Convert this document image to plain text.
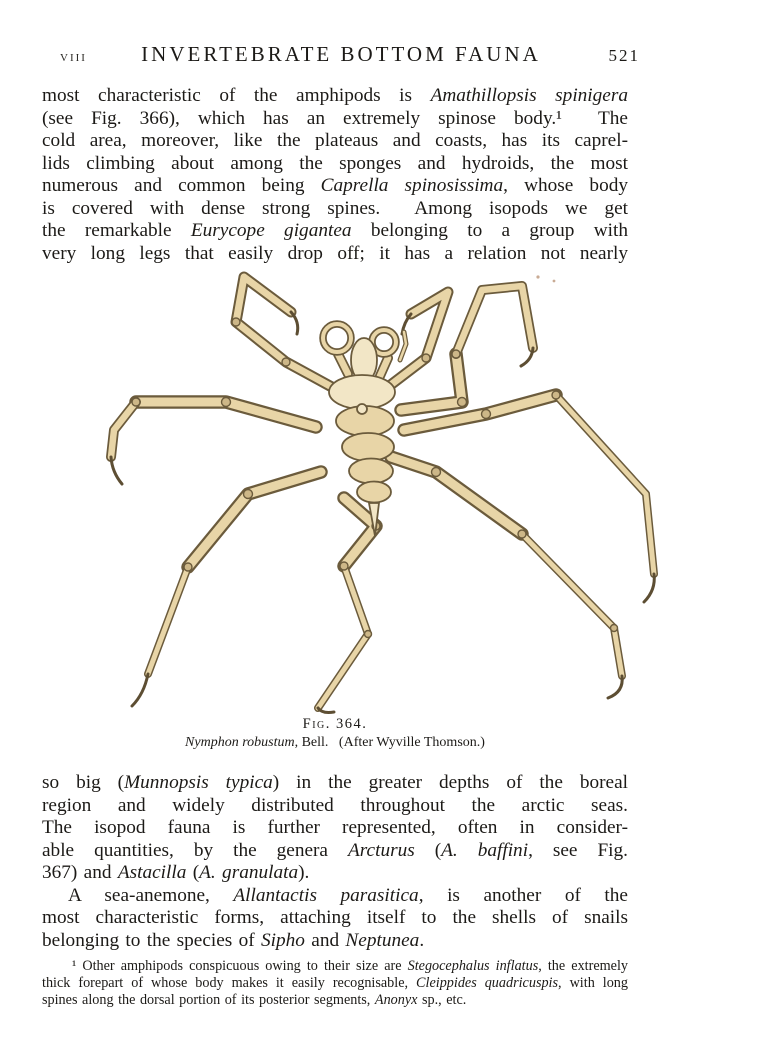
VIII	INVERTEBRATE BOTTOM FAUNA	521
most characteristic of the amphipods is Amathillopsis spinigera
(see Fig. 366), which has an extremely spinose body.¹  The
cold area, moreover, like the plateaus and coasts, has its caprel-
lids climbing about among the sponges and hydroids, the most
numerous and common being Caprella spinosissima, whose body
is covered with dense strong spines.  Among isopods we get
the remarkable Eurycope gigantea belonging to a group with
very long legs that easily drop off; it has a relation not nearly
Fig. 364.
Nymphon robustum, Bell.   (After Wyville Thomson.)
so big (Munnopsis typica) in the greater depths of the boreal
region and widely distributed throughout the arctic seas.
The isopod fauna is further represented, often in consider-
able quantities, by the genera Arcturus (A. baffini, see Fig.
367) and Astacilla (A. granulata).
A sea-anemone, Allantactis parasitica, is another of the
most characteristic forms, attaching itself to the shells of snails
belonging to the species of Sipho and Neptunea.
¹ Other amphipods conspicuous owing to their size are Stegocephalus inflatus, the extremely
thick forepart of whose body makes it easily recognisable, Cleippides quadricuspis, with long
spines along the dorsal portion of its posterior segments, Anonyx sp., etc.
